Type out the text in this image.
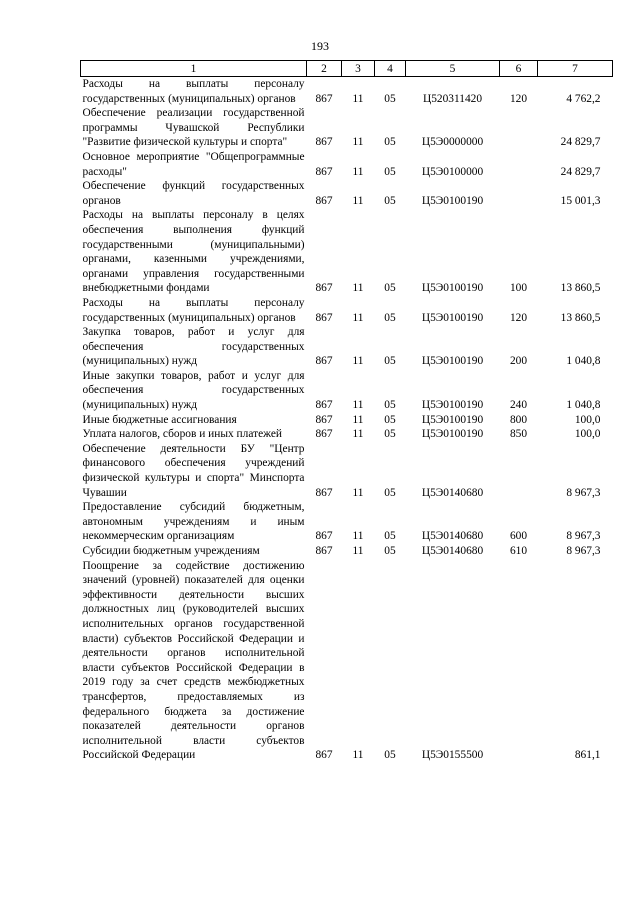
193
1	2	3	4	5	6	7
Расходы на выплаты персоналу государственных (муниципальных) органов	867	11	05	Ц520311420	120	4 762,2
Обеспечение реализации государственной программы Чувашской Республики "Развитие физической культуры и спорта"	867	11	05	Ц5Э0000000		24 829,7
Основное мероприятие "Общепрограммные расходы"	867	11	05	Ц5Э0100000		24 829,7
Обеспечение функций государственных органов	867	11	05	Ц5Э0100190		15 001,3
Расходы на выплаты персоналу в целях обеспечения выполнения функций государственными (муниципальными) органами, казенными учреждениями, органами управления государственными внебюджетными фондами	867	11	05	Ц5Э0100190	100	13 860,5
Расходы на выплаты персоналу государственных (муниципальных) органов	867	11	05	Ц5Э0100190	120	13 860,5
Закупка товаров, работ и услуг для обеспечения государственных (муниципальных) нужд	867	11	05	Ц5Э0100190	200	1 040,8
Иные закупки товаров, работ и услуг для обеспечения государственных (муниципальных) нужд	867	11	05	Ц5Э0100190	240	1 040,8
Иные бюджетные ассигнования	867	11	05	Ц5Э0100190	800	100,0
Уплата налогов, сборов и иных платежей	867	11	05	Ц5Э0100190	850	100,0
Обеспечение деятельности БУ "Центр финансового обеспечения учреждений физической культуры и спорта" Минспорта Чувашии	867	11	05	Ц5Э0140680		8 967,3
Предоставление субсидий бюджетным, автономным учреждениям и иным некоммерческим организациям	867	11	05	Ц5Э0140680	600	8 967,3
Субсидии бюджетным учреждениям	867	11	05	Ц5Э0140680	610	8 967,3
Поощрение за содействие достижению значений (уровней) показателей для оценки эффективности деятельности высших должностных лиц (руководителей высших исполнительных органов государственной власти) субъектов Российской Федерации и деятельности органов исполнительной власти субъектов Российской Федерации в 2019 году за счет средств межбюджетных трансфертов, предоставляемых из федерального бюджета за достижение показателей деятельности органов исполнительной власти субъектов Российской Федерации	867	11	05	Ц5Э0155500		861,1
